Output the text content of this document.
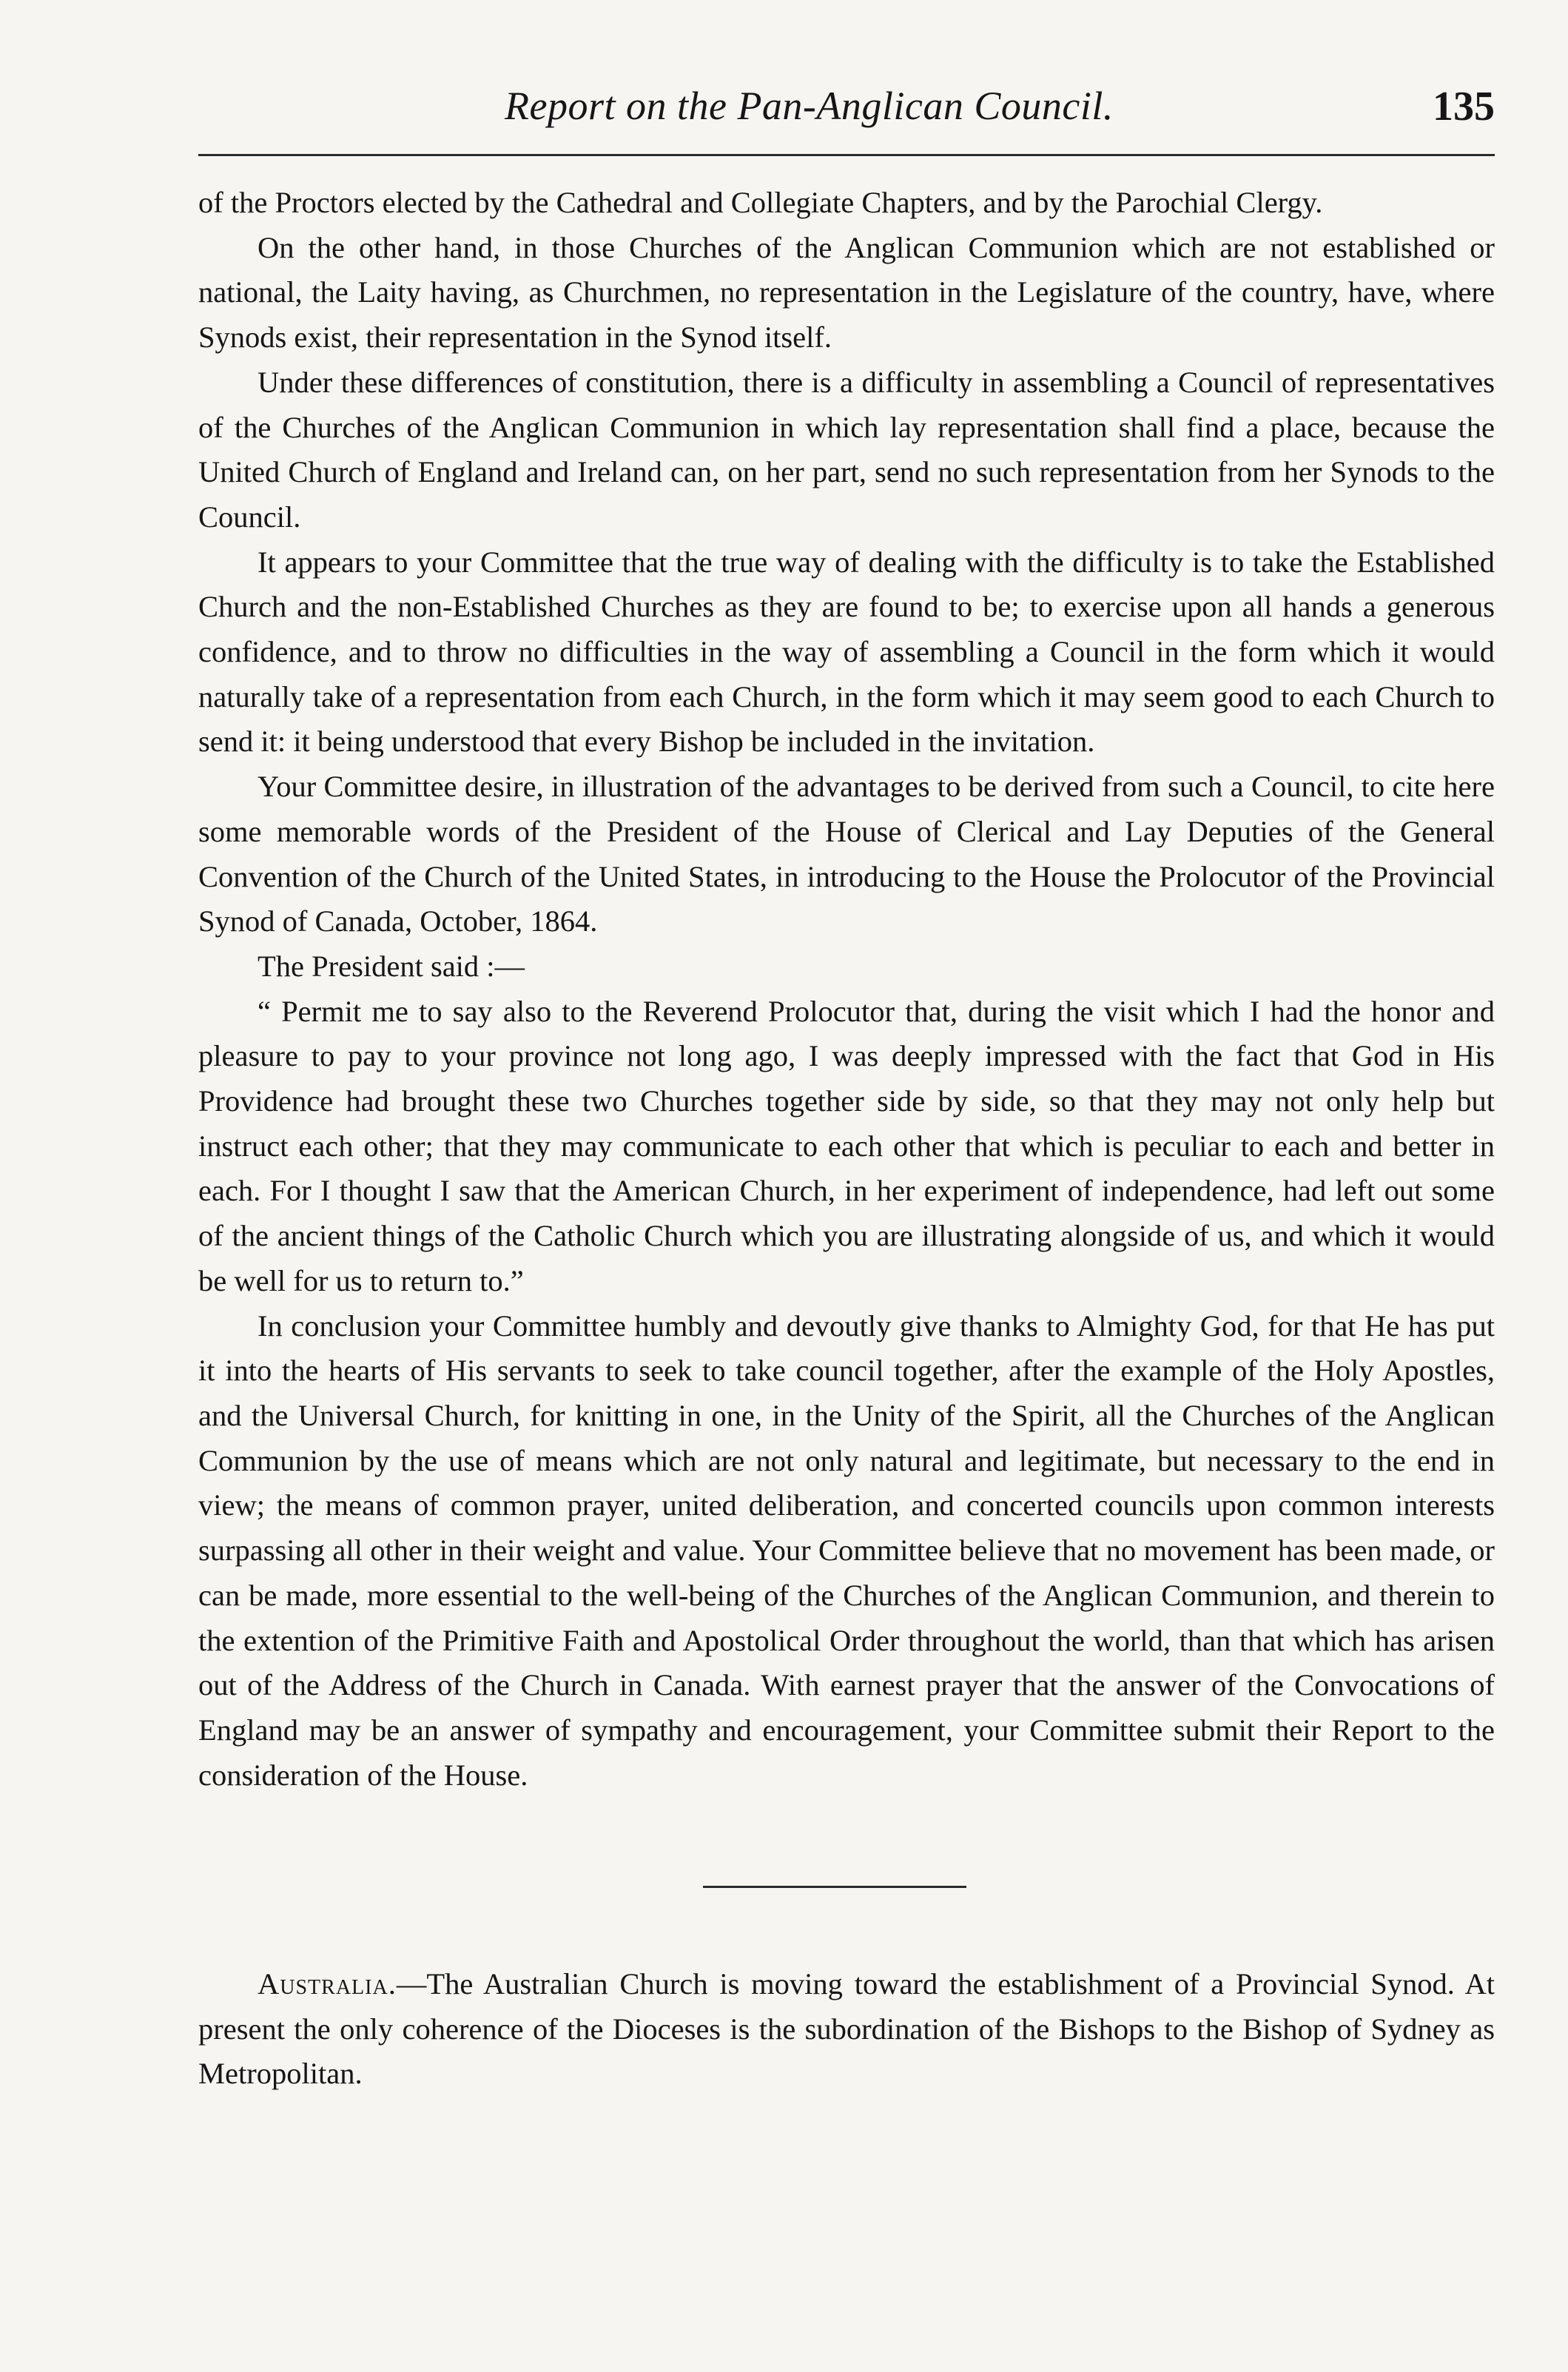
Report on the Pan-Anglican Council.	135

of the Proctors elected by the Cathedral and Collegiate Chapters, and by the Parochial Clergy.

On the other hand, in those Churches of the Anglican Communion which are not established or national, the Laity having, as Churchmen, no representation in the Legislature of the country, have, where Synods exist, their representation in the Synod itself.

Under these differences of constitution, there is a difficulty in assembling a Council of representatives of the Churches of the Anglican Communion in which lay representation shall find a place, because the United Church of England and Ireland can, on her part, send no such representation from her Synods to the Council.

It appears to your Committee that the true way of dealing with the difficulty is to take the Established Church and the non-Established Churches as they are found to be; to exercise upon all hands a generous confidence, and to throw no difficulties in the way of assembling a Council in the form which it would naturally take of a representation from each Church, in the form which it may seem good to each Church to send it: it being understood that every Bishop be included in the invitation.

Your Committee desire, in illustration of the advantages to be derived from such a Council, to cite here some memorable words of the President of the House of Clerical and Lay Deputies of the General Convention of the Church of the United States, in introducing to the House the Prolocutor of the Provincial Synod of Canada, October, 1864.

The President said :—

“ Permit me to say also to the Reverend Prolocutor that, during the visit which I had the honor and pleasure to pay to your province not long ago, I was deeply impressed with the fact that God in His Providence had brought these two Churches together side by side, so that they may not only help but instruct each other; that they may communicate to each other that which is peculiar to each and better in each. For I thought I saw that the American Church, in her experiment of independence, had left out some of the ancient things of the Catholic Church which you are illustrating alongside of us, and which it would be well for us to return to.”

In conclusion your Committee humbly and devoutly give thanks to Almighty God, for that He has put it into the hearts of His servants to seek to take council together, after the example of the Holy Apostles, and the Universal Church, for knitting in one, in the Unity of the Spirit, all the Churches of the Anglican Communion by the use of means which are not only natural and legitimate, but necessary to the end in view; the means of common prayer, united deliberation, and concerted councils upon common interests surpassing all other in their weight and value. Your Committee believe that no movement has been made, or can be made, more essential to the well-being of the Churches of the Anglican Communion, and therein to the extention of the Primitive Faith and Apostolical Order throughout the world, than that which has arisen out of the Address of the Church in Canada. With earnest prayer that the answer of the Convocations of England may be an answer of sympathy and encouragement, your Committee submit their Report to the consideration of the House.

Australia.—The Australian Church is moving toward the establishment of a Provincial Synod. At present the only coherence of the Dioceses is the subordination of the Bishops to the Bishop of Sydney as Metropolitan.
